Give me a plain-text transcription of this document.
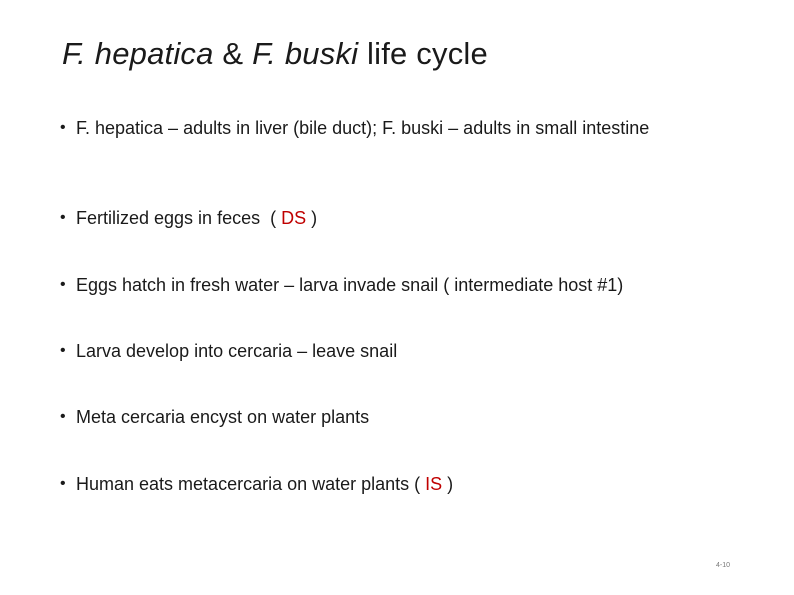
F. hepatica & F. buski life cycle
• F. hepatica – adults in liver (bile duct); F. buski – adults in small intestine
• Fertilized eggs in feces  ( DS )
• Eggs hatch in fresh water – larva invade snail ( intermediate host #1)
• Larva develop into cercaria – leave snail
• Meta cercaria encyst on water plants
• Human eats metacercaria on water plants ( IS )
4-10
